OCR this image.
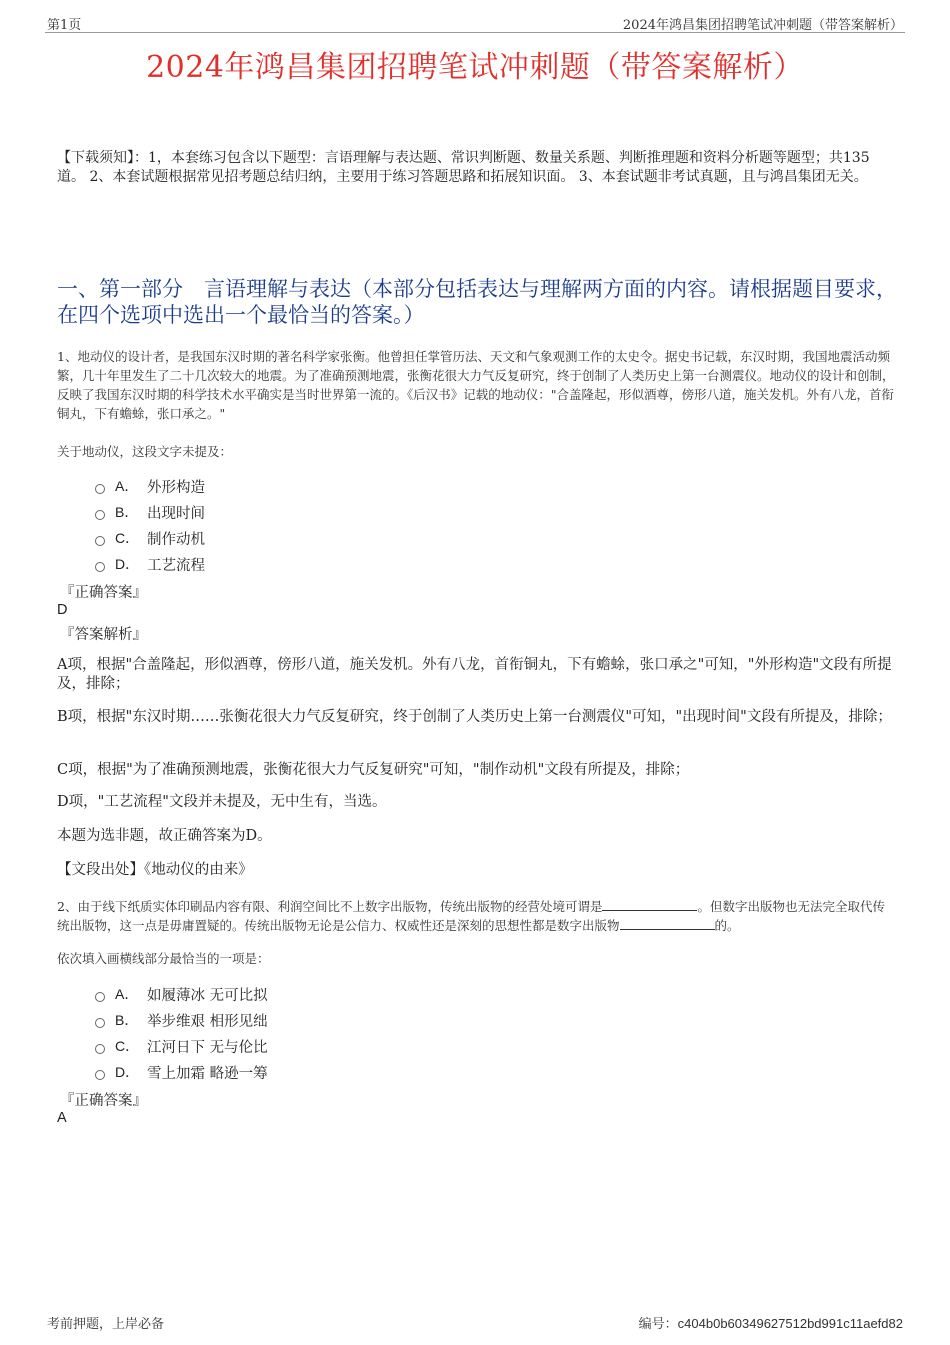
第1页	2024年鸿昌集团招聘笔试冲刺题（带答案解析）
2024年鸿昌集团招聘笔试冲刺题（带答案解析）
【下载须知】：1，本套练习包含以下题型：言语理解与表达题、常识判断题、数量关系题、判断推理题和资料分析题等题型；共135道。 2、本套试题根据常见招考题总结归纳，主要用于练习答题思路和拓展知识面。 3、本套试题非考试真题，且与鸿昌集团无关。
一、第一部分　言语理解与表达（本部分包括表达与理解两方面的内容。请根据题目要求，在四个选项中选出一个最恰当的答案。）
1、地动仪的设计者，是我国东汉时期的著名科学家张衡。他曾担任掌管历法、天文和气象观测工作的太史令。据史书记载，东汉时期，我国地震活动频繁，几十年里发生了二十几次较大的地震。为了准确预测地震，张衡花很大力气反复研究，终于创制了人类历史上第一台测震仪。地动仪的设计和创制，反映了我国东汉时期的科学技术水平确实是当时世界第一流的。《后汉书》记载的地动仪："合盖隆起，形似酒尊，傍形八道，施关发机。外有八龙，首衔铜丸，下有蟾蜍，张口承之。"
关于地动仪，这段文字未提及：
A． 外形构造
B． 出现时间
C． 制作动机
D． 工艺流程
『正确答案』
D
『答案解析』
A项，根据"合盖隆起，形似酒尊，傍形八道，施关发机。外有八龙，首衔铜丸，下有蟾蜍，张口承之"可知，"外形构造"文段有所提及，排除；
B项，根据"东汉时期……张衡花很大力气反复研究，终于创制了人类历史上第一台测震仪"可知，"出现时间"文段有所提及，排除；
C项，根据"为了准确预测地震，张衡花很大力气反复研究"可知，"制作动机"文段有所提及，排除；
D项，"工艺流程"文段并未提及，无中生有，当选。
本题为选非题，故正确答案为D。
【文段出处】《地动仪的由来》
2、由于线下纸质实体印刷品内容有限、利润空间比不上数字出版物，传统出版物的经营处境可谓是	。但数字出版物也无法完全取代传统出版物，这一点是毋庸置疑的。传统出版物无论是公信力、权威性还是深刻的思想性都是数字出版物	的。
依次填入画横线部分最恰当的一项是：
A． 如履薄冰 无可比拟
B． 举步维艰 相形见绌
C． 江河日下 无与伦比
D． 雪上加霜 略逊一筹
『正确答案』
A
考前押题，上岸必备	编号：c404b0b60349627512bd991c11aefd82
